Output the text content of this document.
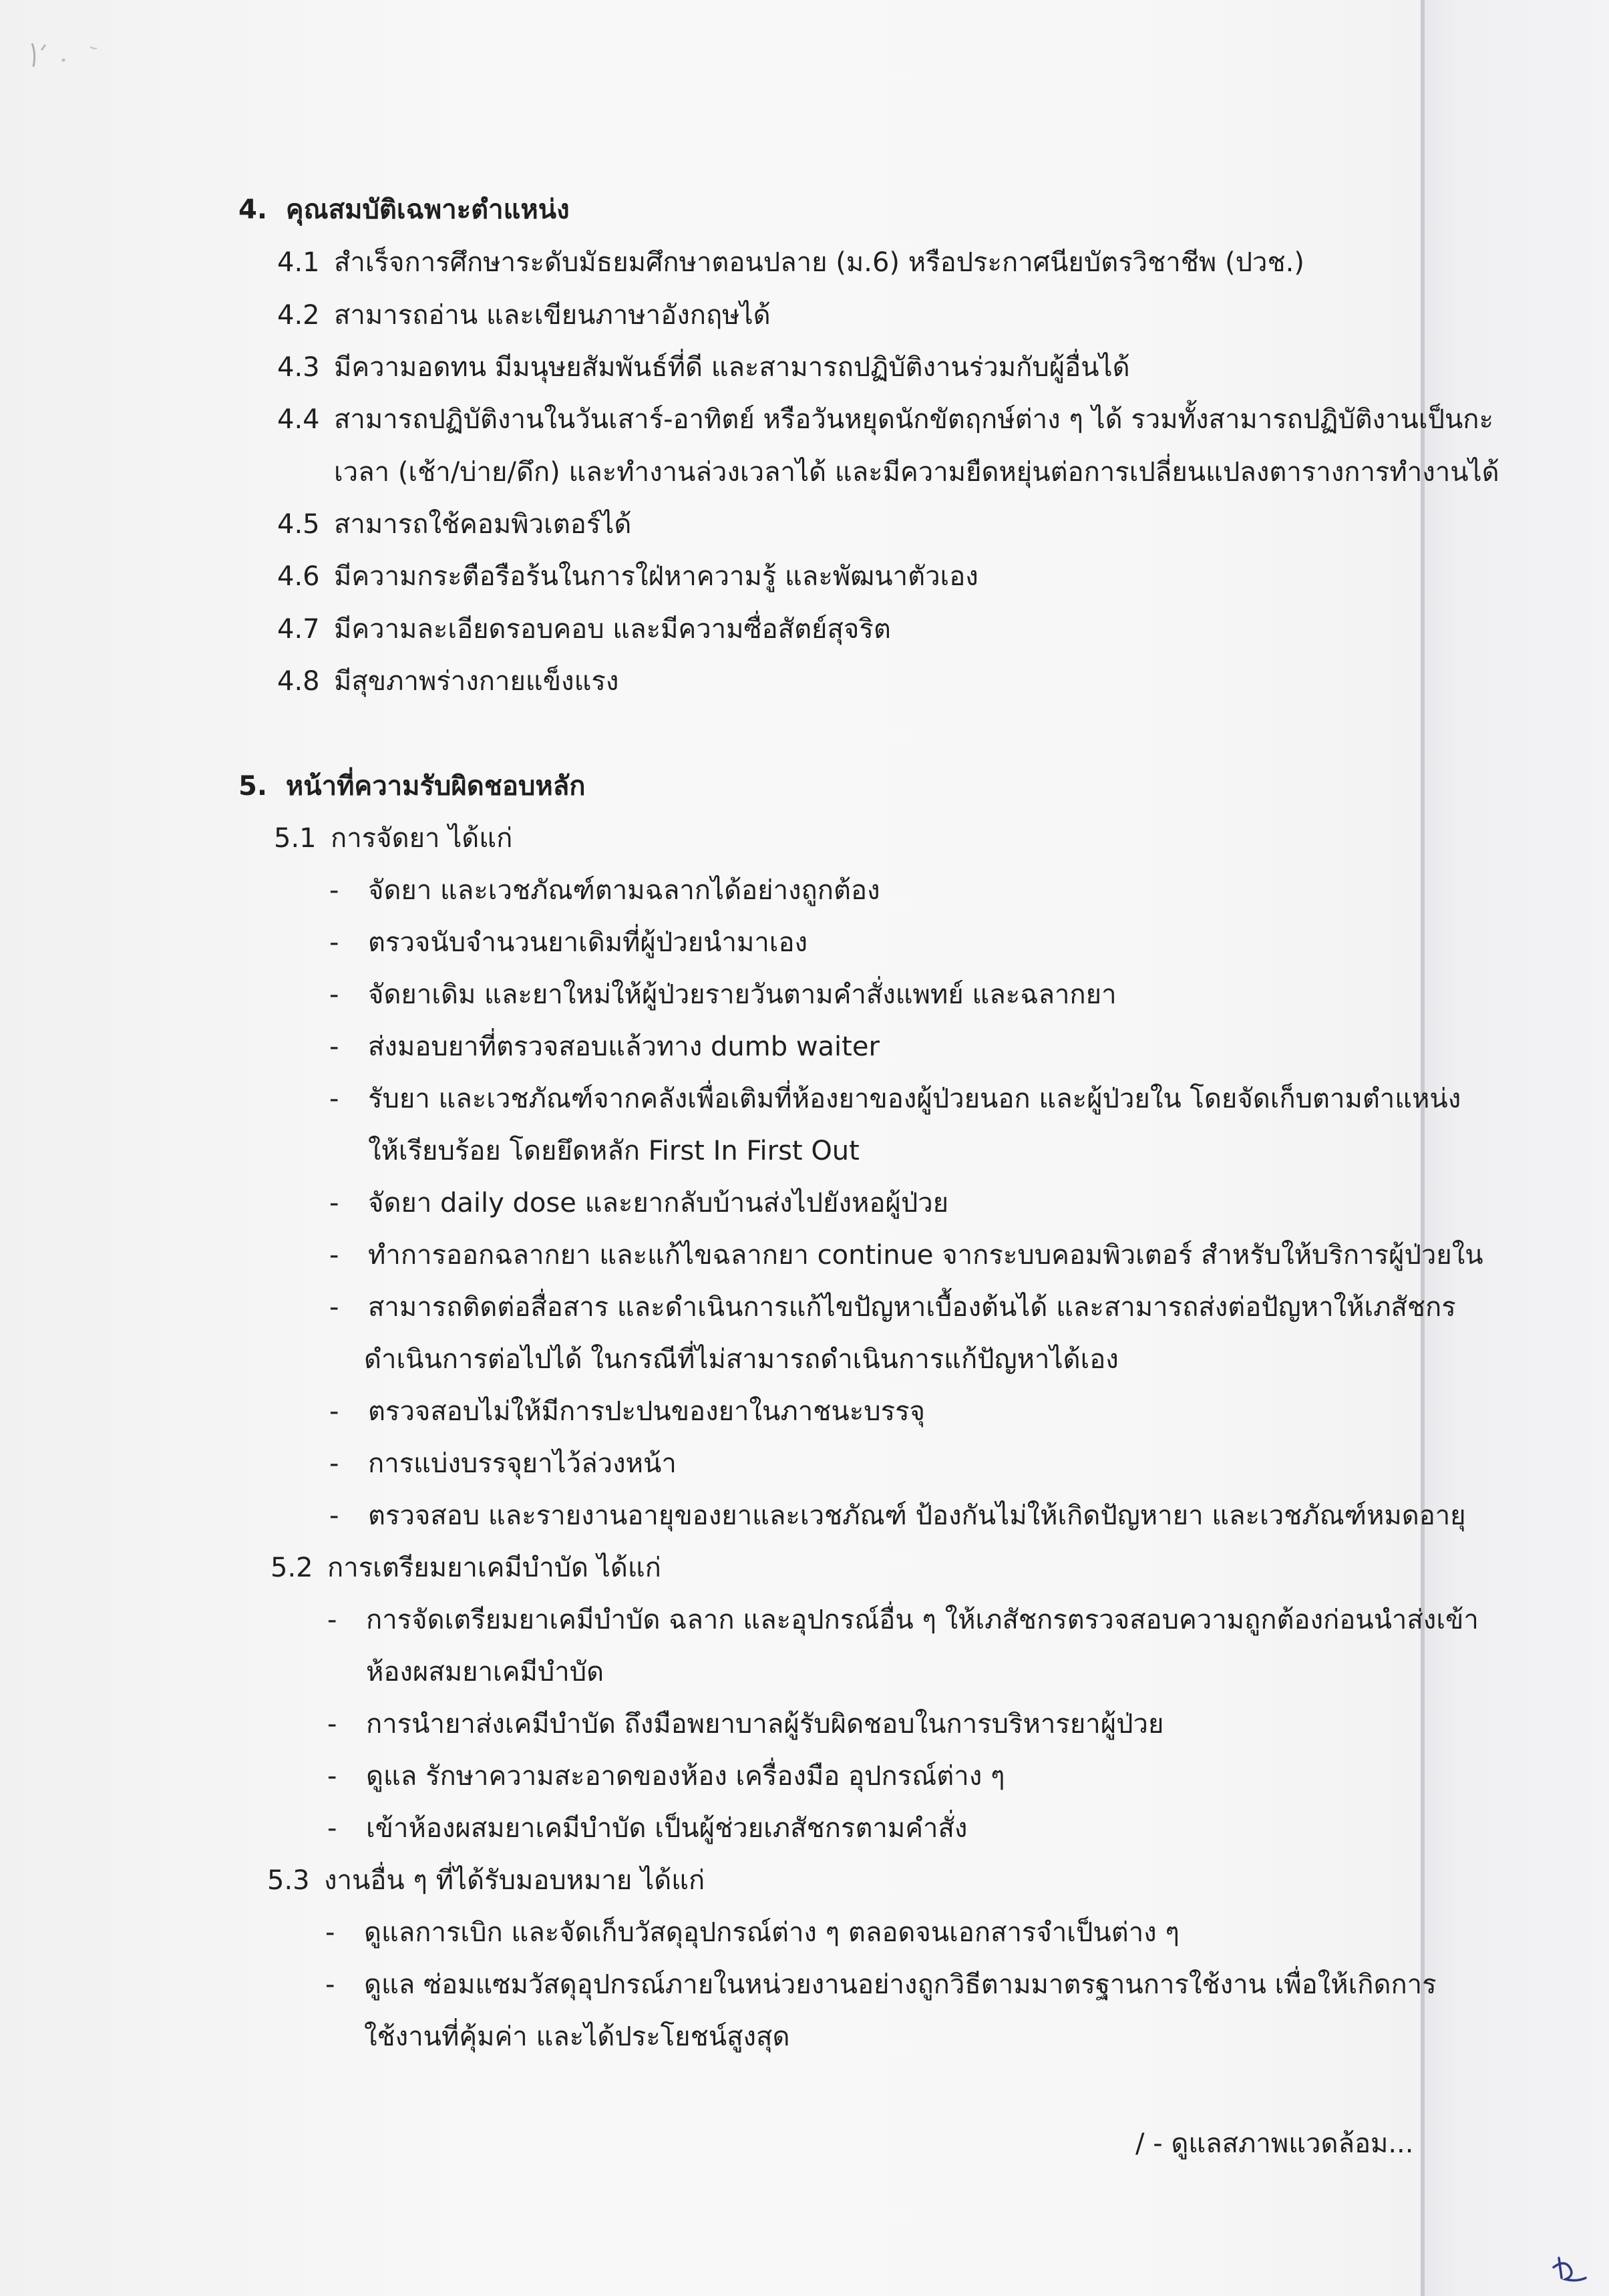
4. คุณสมบัติเฉพาะตำแหน่ง
4.1 สำเร็จการศึกษาระดับมัธยมศึกษาตอนปลาย (ม.6) หรือประกาศนียบัตรวิชาชีพ (ปวช.)
4.2 สามารถอ่าน และเขียนภาษาอังกฤษได้
4.3 มีความอดทน มีมนุษยสัมพันธ์ที่ดี และสามารถปฏิบัติงานร่วมกับผู้อื่นได้
4.4 สามารถปฏิบัติงานในวันเสาร์-อาทิตย์ หรือวันหยุดนักขัตฤกษ์ต่าง ๆ ได้ รวมทั้งสามารถปฏิบัติงานเป็นกะ
เวลา (เช้า/บ่าย/ดึก) และทำงานล่วงเวลาได้ และมีความยืดหยุ่นต่อการเปลี่ยนแปลงตารางการทำงานได้
4.5 สามารถใช้คอมพิวเตอร์ได้
4.6 มีความกระตือรือร้นในการใฝ่หาความรู้ และพัฒนาตัวเอง
4.7 มีความละเอียดรอบคอบ และมีความซื่อสัตย์สุจริต
4.8 มีสุขภาพร่างกายแข็งแรง
5. หน้าที่ความรับผิดชอบหลัก
5.1 การจัดยา ได้แก่
- จัดยา และเวชภัณฑ์ตามฉลากได้อย่างถูกต้อง
- ตรวจนับจำนวนยาเดิมที่ผู้ป่วยนำมาเอง
- จัดยาเดิม และยาใหม่ให้ผู้ป่วยรายวันตามคำสั่งแพทย์ และฉลากยา
- ส่งมอบยาที่ตรวจสอบแล้วทาง dumb waiter
- รับยา และเวชภัณฑ์จากคลังเพื่อเติมที่ห้องยาของผู้ป่วยนอก และผู้ป่วยใน โดยจัดเก็บตามตำแหน่ง
ให้เรียบร้อย โดยยึดหลัก First In First Out
- จัดยา daily dose และยากลับบ้านส่งไปยังหอผู้ป่วย
- ทำการออกฉลากยา และแก้ไขฉลากยา continue จากระบบคอมพิวเตอร์ สำหรับให้บริการผู้ป่วยใน
- สามารถติดต่อสื่อสาร และดำเนินการแก้ไขปัญหาเบื้องต้นได้ และสามารถส่งต่อปัญหาให้เภสัชกร
ดำเนินการต่อไปได้ ในกรณีที่ไม่สามารถดำเนินการแก้ปัญหาได้เอง
- ตรวจสอบไม่ให้มีการปะปนของยาในภาชนะบรรจุ
- การแบ่งบรรจุยาไว้ล่วงหน้า
- ตรวจสอบ และรายงานอายุของยาและเวชภัณฑ์ ป้องกันไม่ให้เกิดปัญหายา และเวชภัณฑ์หมดอายุ
5.2 การเตรียมยาเคมีบำบัด ได้แก่
- การจัดเตรียมยาเคมีบำบัด ฉลาก และอุปกรณ์อื่น ๆ ให้เภสัชกรตรวจสอบความถูกต้องก่อนนำส่งเข้า
ห้องผสมยาเคมีบำบัด
- การนำยาส่งเคมีบำบัด ถึงมือพยาบาลผู้รับผิดชอบในการบริหารยาผู้ป่วย
- ดูแล รักษาความสะอาดของห้อง เครื่องมือ อุปกรณ์ต่าง ๆ
- เข้าห้องผสมยาเคมีบำบัด เป็นผู้ช่วยเภสัชกรตามคำสั่ง
5.3 งานอื่น ๆ ที่ได้รับมอบหมาย ได้แก่
- ดูแลการเบิก และจัดเก็บวัสดุอุปกรณ์ต่าง ๆ ตลอดจนเอกสารจำเป็นต่าง ๆ
- ดูแล ซ่อมแซมวัสดุอุปกรณ์ภายในหน่วยงานอย่างถูกวิธีตามมาตรฐานการใช้งาน เพื่อให้เกิดการ
ใช้งานที่คุ้มค่า และได้ประโยชน์สูงสุด
/ - ดูแลสภาพแวดล้อม...
